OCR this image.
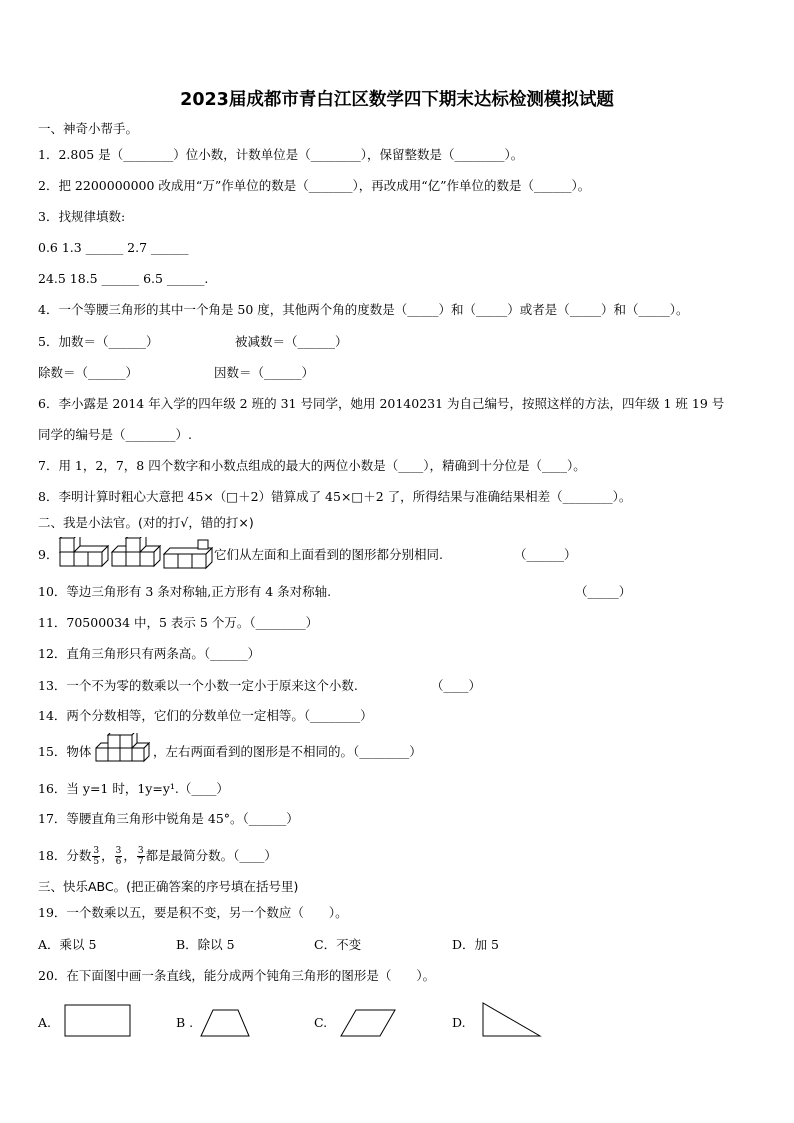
2023届成都市青白江区数学四下期末达标检测模拟试题
一、神奇小帮手。
1．2.805 是（________）位小数，计数单位是（________），保留整数是（________）。
2．把 2200000000 改成用“万”作单位的数是（_______），再改成用“亿”作单位的数是（______）。
3．找规律填数:
0.6 1.3 ______ 2.7 ______
24.5 18.5 ______ 6.5 ______.
4．一个等腰三角形的其中一个角是 50 度，其他两个角的度数是（_____）和（_____）或者是（_____）和（_____）。
5．加数＝（______）	被减数＝（______）
除数＝（______）	因数＝（______）
6．李小露是 2014 年入学的四年级 2 班的 31 号同学，她用 20140231 为自己编号，按照这样的方法，四年级 1 班 19 号
同学的编号是（________）.
7．用 1，2，7，8 四个数字和小数点组成的最大的两位小数是（____），精确到十分位是（____）。
8．李明计算时粗心大意把 45×（□＋2）错算成了 45×□＋2 了，所得结果与准确结果相差（________）。
二、我是小法官。(对的打√，错的打×)
9．	它们从左面和上面看到的图形都分别相同.	（______）
10．等边三角形有 3 条对称轴,正方形有 4 条对称轴.	（_____）
11．70500034 中，5 表示 5 个万。（________）
12．直角三角形只有两条高。（______）
13．一个不为零的数乘以一个小数一定小于原来这个小数.	（____）
14．两个分数相等，它们的分数单位一定相等。（________）
15．物体	，左右两面看到的图形是不相同的。（________）
16．当 y=1 时，1y=y¹.（____）
17．等腰直角三角形中锐角是 45°。（______）
18．分数 $\frac{3}{5}$ ， $\frac{3}{6}$ ， $\frac{3}{7}$ 都是最简分数。（____）
三、快乐ABC。(把正确答案的序号填在括号里)
19．一个数乘以五，要是积不变，另一个数应（　　）。
A．乘以 5	B．除以 5	C．不变	D．加 5
20．在下面图中画一条直线，能分成两个钝角三角形的图形是（　　）。
A.	B .	C.	D.
